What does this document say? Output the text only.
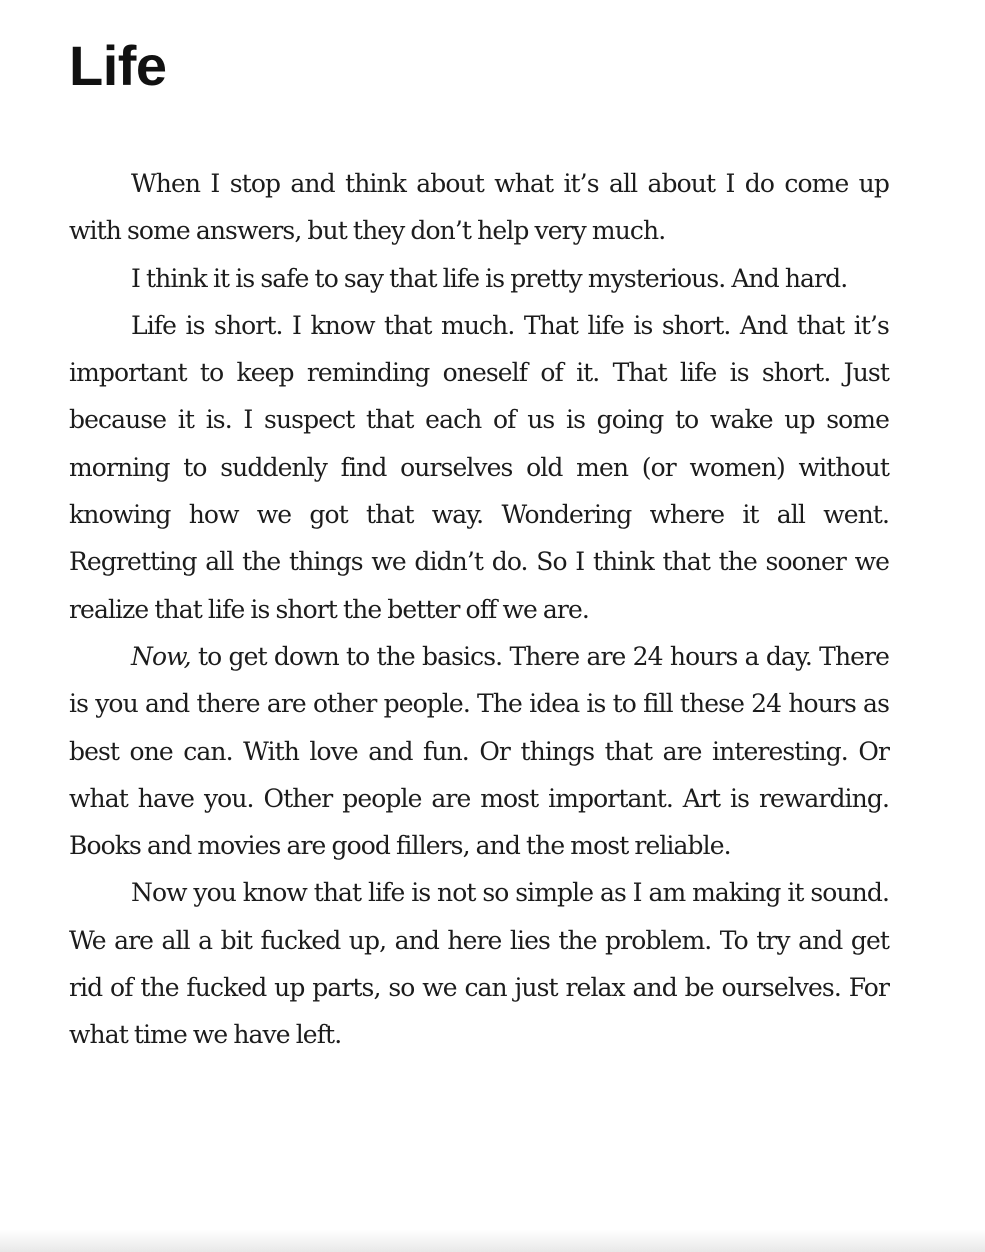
Life

When I stop and think about what it’s all about I do come up with some answers, but they don’t help very much.

I think it is safe to say that life is pretty mysterious. And hard.

Life is short. I know that much. That life is short. And that it’s important to keep reminding oneself of it. That life is short. Just because it is. I suspect that each of us is going to wake up some morning to suddenly find ourselves old men (or women) without knowing how we got that way. Wondering where it all went. Regretting all the things we didn’t do. So I think that the sooner we realize that life is short the better off we are.

Now, to get down to the basics. There are 24 hours a day. There is you and there are other people. The idea is to fill these 24 hours as best one can. With love and fun. Or things that are interesting. Or what have you. Other people are most important. Art is rewarding. Books and movies are good fillers, and the most reliable.

Now you know that life is not so simple as I am making it sound. We are all a bit fucked up, and here lies the problem. To try and get rid of the fucked up parts, so we can just relax and be ourselves. For what time we have left.
